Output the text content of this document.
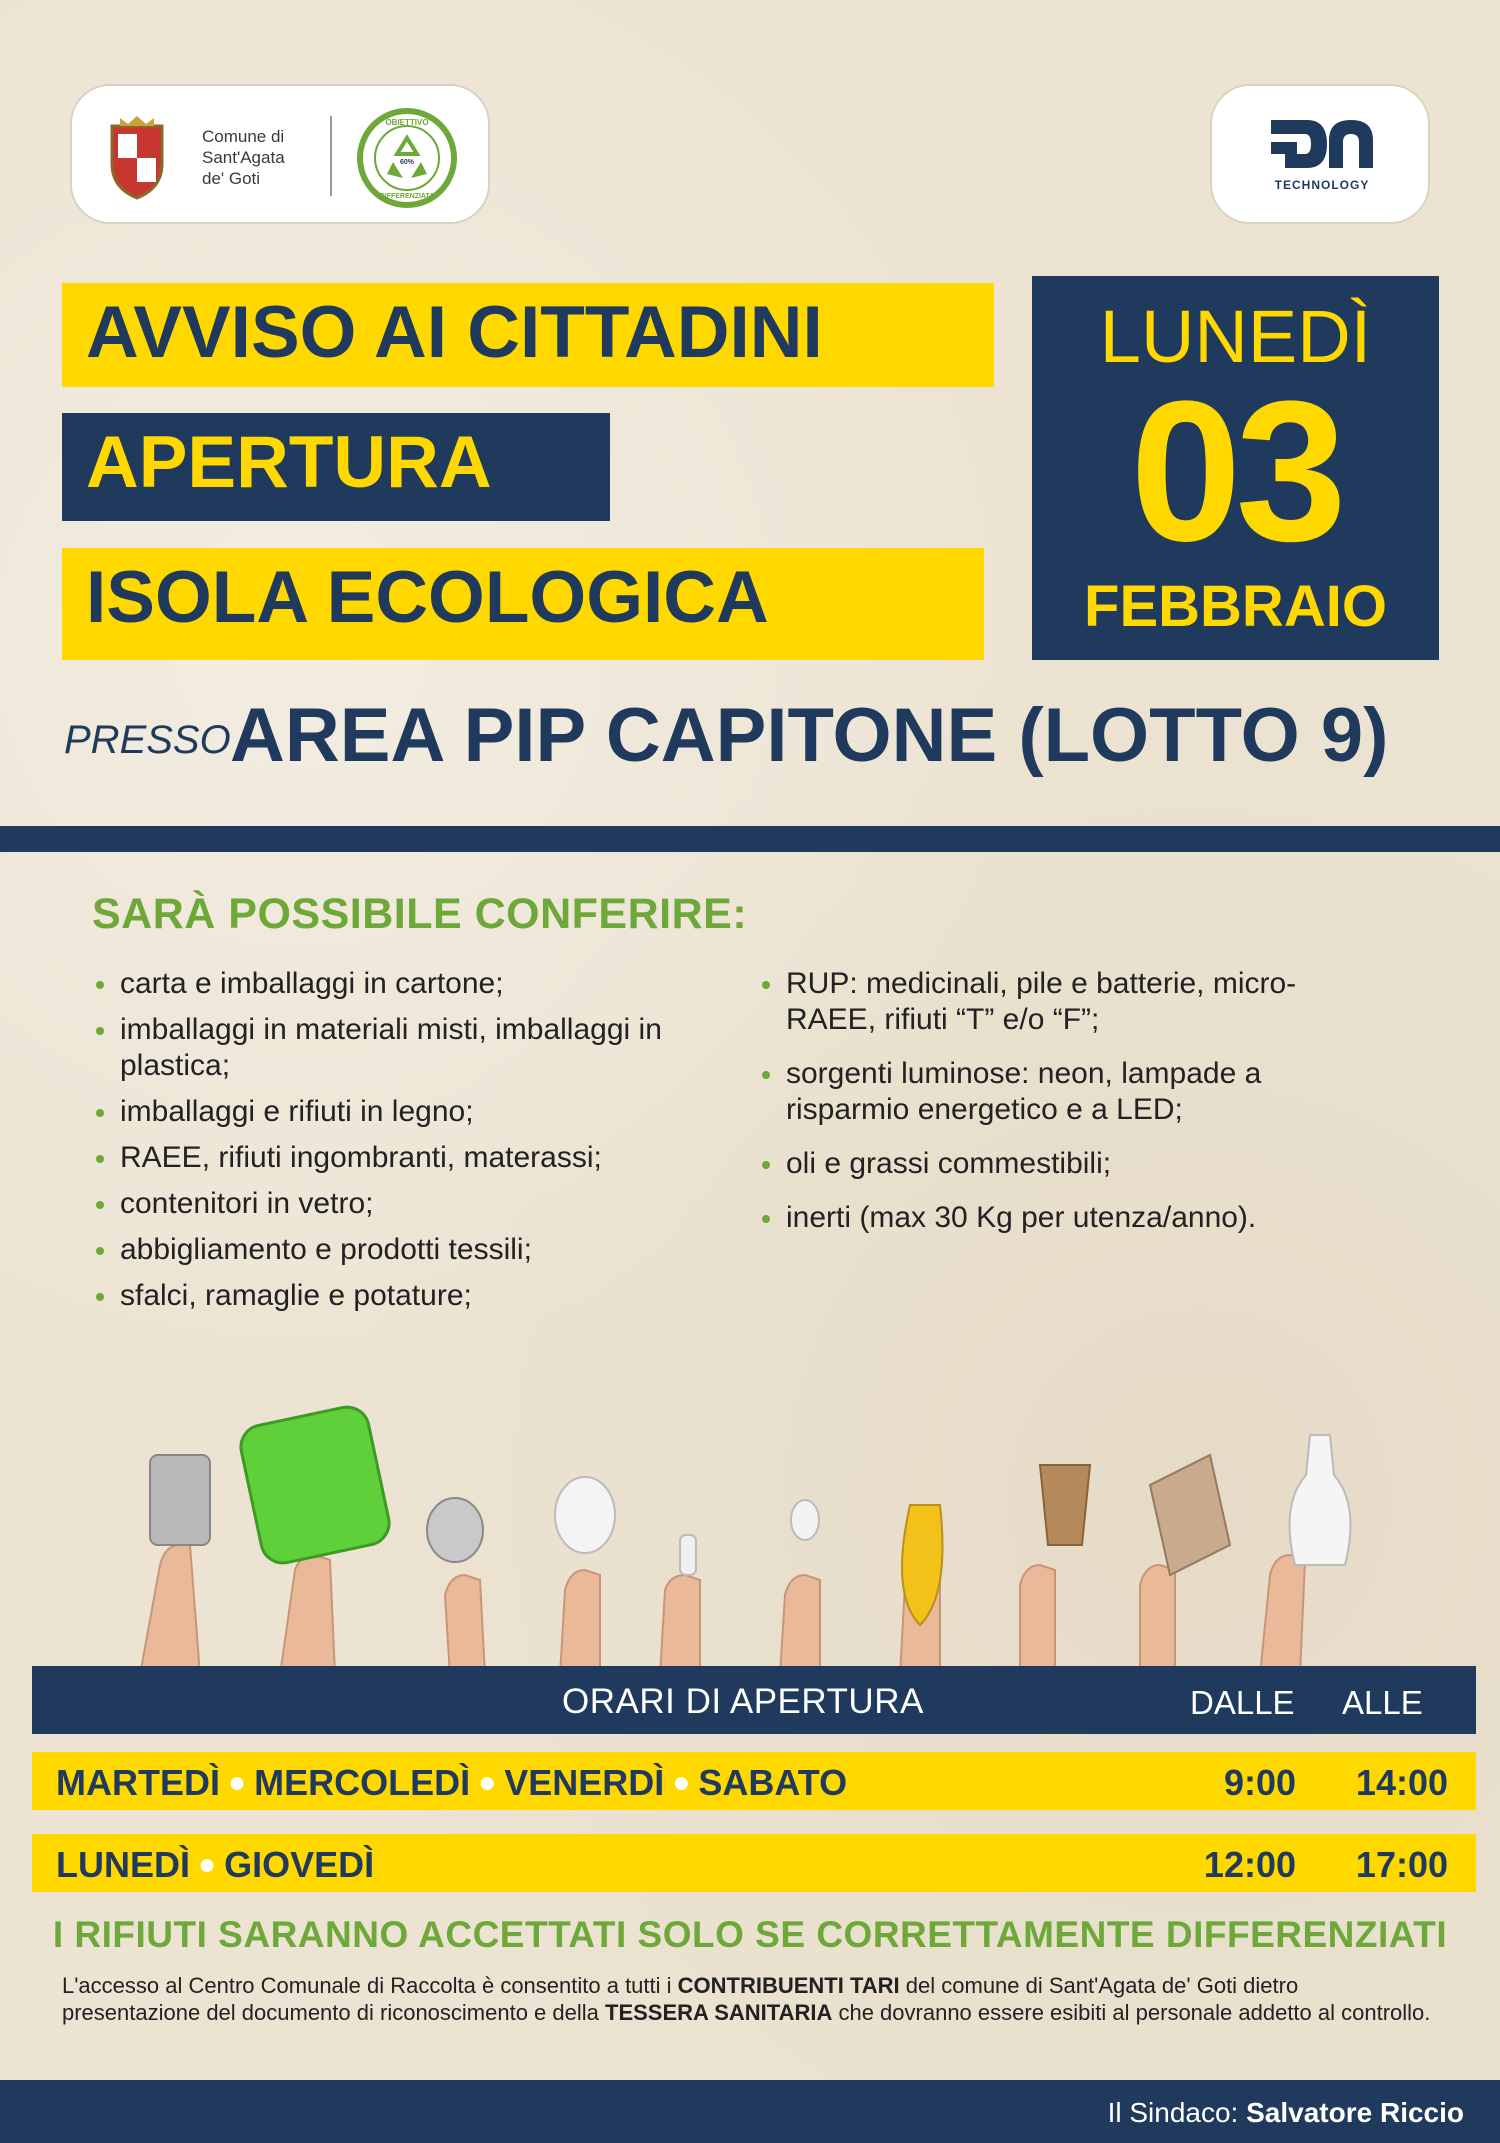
Comune di
Sant'Agata
de' Goti
OBIETTIVO
60%
DIFFERENZIATA
TECHNOLOGY
AVVISO AI CITTADINI
APERTURA
ISOLA ECOLOGICA
LUNEDÌ
03
FEBBRAIO
PRESSO AREA PIP CAPITONE (LOTTO 9)
SARÀ POSSIBILE CONFERIRE:
carta e imballaggi in cartone;
imballaggi in materiali misti, imballaggi in plastica;
imballaggi e rifiuti in legno;
RAEE, rifiuti ingombranti, materassi;
contenitori in vetro;
abbigliamento e prodotti tessili;
sfalci, ramaglie e potature;
RUP: medicinali, pile e batterie, micro-RAEE, rifiuti “T” e/o “F”;
sorgenti luminose: neon, lampade a risparmio energetico e a LED;
oli e grassi commestibili;
inerti (max 30 Kg per utenza/anno).
ORARI DI APERTURA	DALLE ALLE
MARTEDÌ ● MERCOLEDÌ ● VENERDÌ ● SABATO	9:00 14:00
LUNEDÌ ● GIOVEDÌ	12:00 17:00
I RIFIUTI SARANNO ACCETTATI SOLO SE CORRETTAMENTE DIFFERENZIATI
L'accesso al Centro Comunale di Raccolta è consentito a tutti i CONTRIBUENTI TARI del comune di Sant'Agata de' Goti dietro presentazione del documento di riconoscimento e della TESSERA SANITARIA che dovranno essere esibiti al personale addetto al controllo.
Il Sindaco: Salvatore Riccio
